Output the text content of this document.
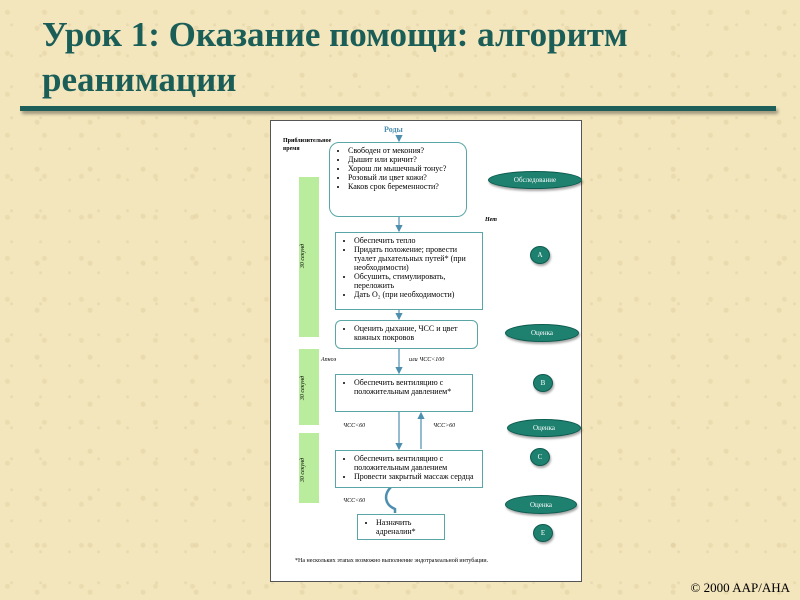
Урок 1: Оказание помощи: алгоритм реанимации
Приблизительное время
Роды
30 секунд
30 секунд
30 секунд
• Свободен от мекония?
• Дышит или кричит?
• Хорош ли мышечный тонус?
• Розовый ли цвет кожи?
• Каков срок беременности?
Нет
• Обеспечить тепло
• Придать положение; провести туалет дыхательных путей* (при необходимости)
• Обсушить, стимулировать, переложить
• Дать O₂ (при необходимости)
• Оценить дыхание, ЧСС и цвет кожных покровов
Апноэ	или ЧСС<100
• Обеспечить вентиляцию с положительным давлением*
ЧСС<60	ЧСС>60
• Обеспечить вентиляцию с положительным давлением
• Провести закрытый массаж сердца
ЧСС<60
• Назначить адреналин*
*На нескольких этапах возможно выполнение эндотрахеальной интубации.
Обследование
A
Оценка
B
Оценка
C
Оценка
E
© 2000 AAP/AHA
